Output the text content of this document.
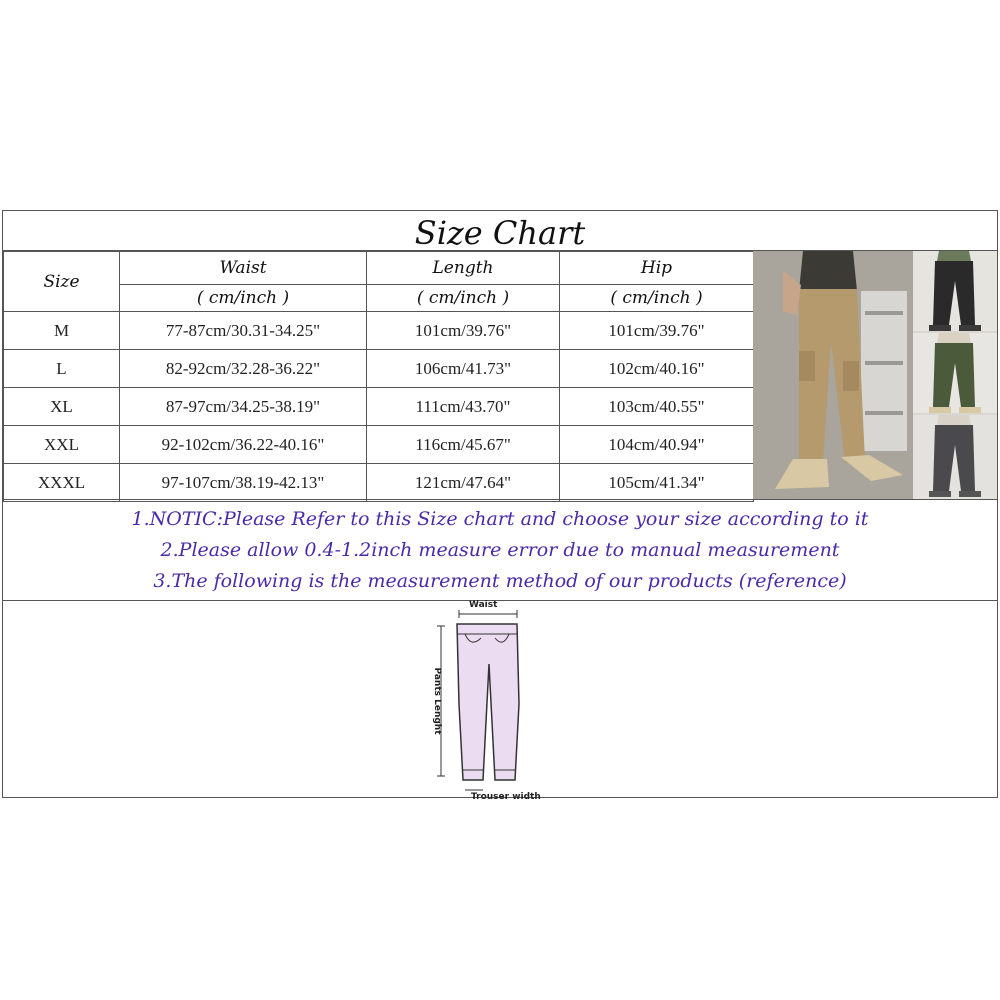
Size Chart
Size	Waist	Length	Hip
	( cm/inch )	( cm/inch )	( cm/inch )
M	77-87cm/30.31-34.25"	101cm/39.76"	101cm/39.76"
L	82-92cm/32.28-36.22"	106cm/41.73"	102cm/40.16"
XL	87-97cm/34.25-38.19"	111cm/43.70"	103cm/40.55"
XXL	92-102cm/36.22-40.16"	116cm/45.67"	104cm/40.94"
XXXL	97-107cm/38.19-42.13"	121cm/47.64"	105cm/41.34"
1.NOTIC:Please Refer to this Size chart and choose your size according to it
2.Please allow 0.4-1.2inch measure error due to manual measurement
3.The following is the measurement method of our products (reference)
Waist
Pants Lenght
Trouser width
